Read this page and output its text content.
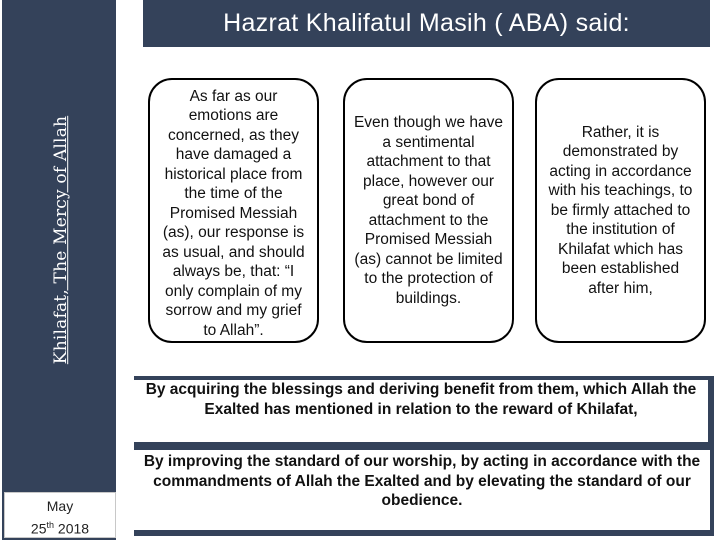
Khilafat, The Mercy of Allah
May
25th 2018
Hazrat Khalifatul Masih ( ABA) said:
As far as our emotions are concerned, as they have damaged a historical place from the time of the Promised Messiah (as), our response is as usual, and should always be, that: “I only complain of my sorrow and my grief to Allah”.
Even though we have a sentimental attachment to that place, however our great bond of attachment to the Promised Messiah (as) cannot be limited to the protection of buildings.
Rather, it is demonstrated by acting in accordance with his teachings, to be firmly attached to the institution of Khilafat which has been established after him,
By acquiring the blessings and deriving benefit from them, which Allah the Exalted has mentioned in relation to the reward of Khilafat,
By improving the standard of our worship, by acting in accordance with the commandments of Allah the Exalted and by elevating the standard of our obedience.
